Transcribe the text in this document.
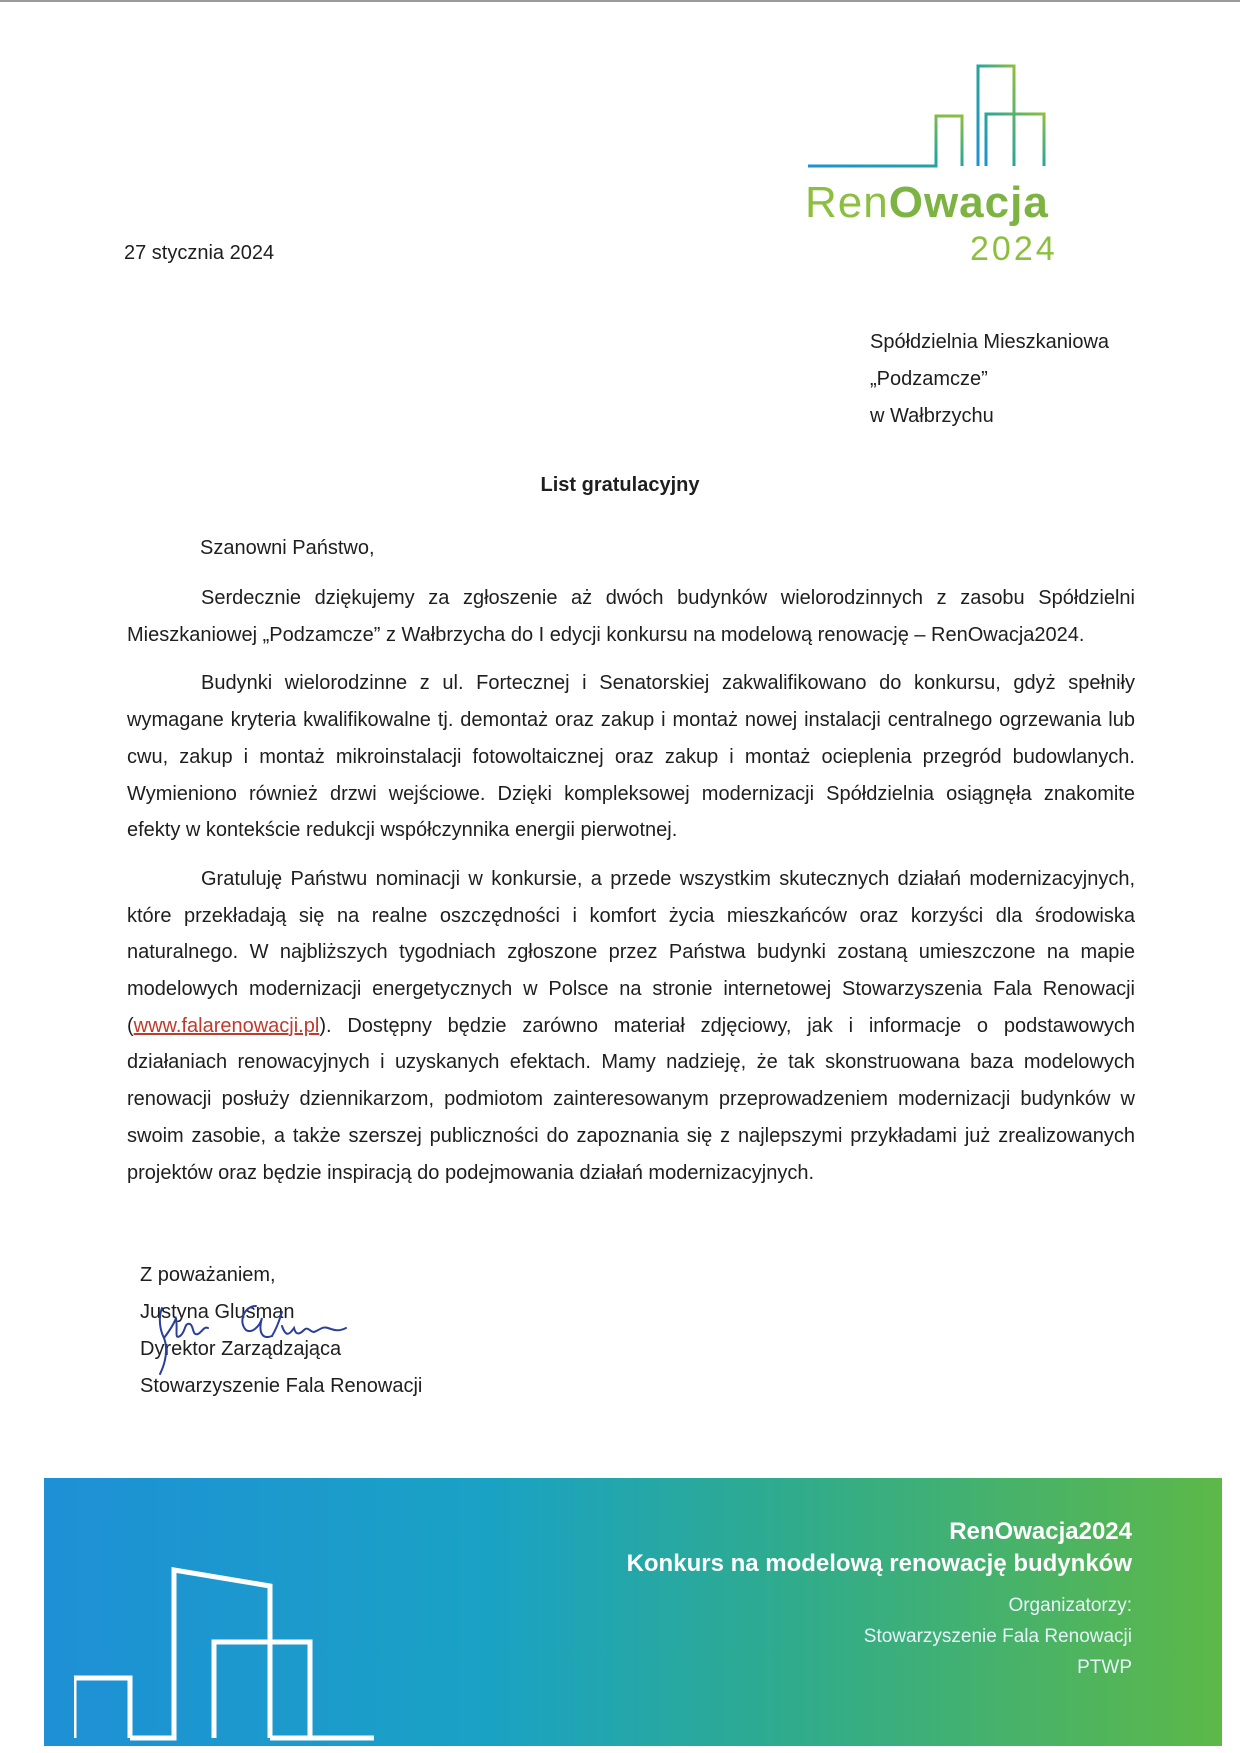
RenOwacja
2024
27 stycznia 2024
Spółdzielnia Mieszkaniowa
„Podzamcze”
w Wałbrzychu
List gratulacyjny
Szanowni Państwo,

Serdecznie dziękujemy za zgłoszenie aż dwóch budynków wielorodzinnych z zasobu Spółdzielni Mieszkaniowej „Podzamcze” z Wałbrzycha do I edycji konkursu na modelową renowację – RenOwacja2024.

Budynki wielorodzinne z ul. Fortecznej i Senatorskiej zakwalifikowano do konkursu, gdyż spełniły wymagane kryteria kwalifikowalne tj. demontaż oraz zakup i montaż nowej instalacji centralnego ogrzewania lub cwu, zakup i montaż mikroinstalacji fotowoltaicznej oraz zakup i montaż ocieplenia przegród budowlanych. Wymieniono również drzwi wejściowe. Dzięki kompleksowej modernizacji Spółdzielnia osiągnęła znakomite efekty w kontekście redukcji współczynnika energii pierwotnej.

Gratuluję Państwu nominacji w konkursie, a przede wszystkim skutecznych działań modernizacyjnych, które przekładają się na realne oszczędności i komfort życia mieszkańców oraz korzyści dla środowiska naturalnego. W najbliższych tygodniach zgłoszone przez Państwa budynki zostaną umieszczone na mapie modelowych modernizacji energetycznych w Polsce na stronie internetowej Stowarzyszenia Fala Renowacji (www.falarenowacji.pl). Dostępny będzie zarówno materiał zdjęciowy, jak i informacje o podstawowych działaniach renowacyjnych i uzyskanych efektach. Mamy nadzieję, że tak skonstruowana baza modelowych renowacji posłuży dziennikarzom, podmiotom zainteresowanym przeprowadzeniem modernizacji budynków w swoim zasobie, a także szerszej publiczności do zapoznania się z najlepszymi przykładami już zrealizowanych projektów oraz będzie inspiracją do podejmowania działań modernizacyjnych.

Z poważaniem,
Justyna Glusman
Dyrektor Zarządzająca
Stowarzyszenie Fala Renowacji
RenOwacja2024
Konkurs na modelową renowację budynków
Organizatorzy:
Stowarzyszenie Fala Renowacji
PTWP
